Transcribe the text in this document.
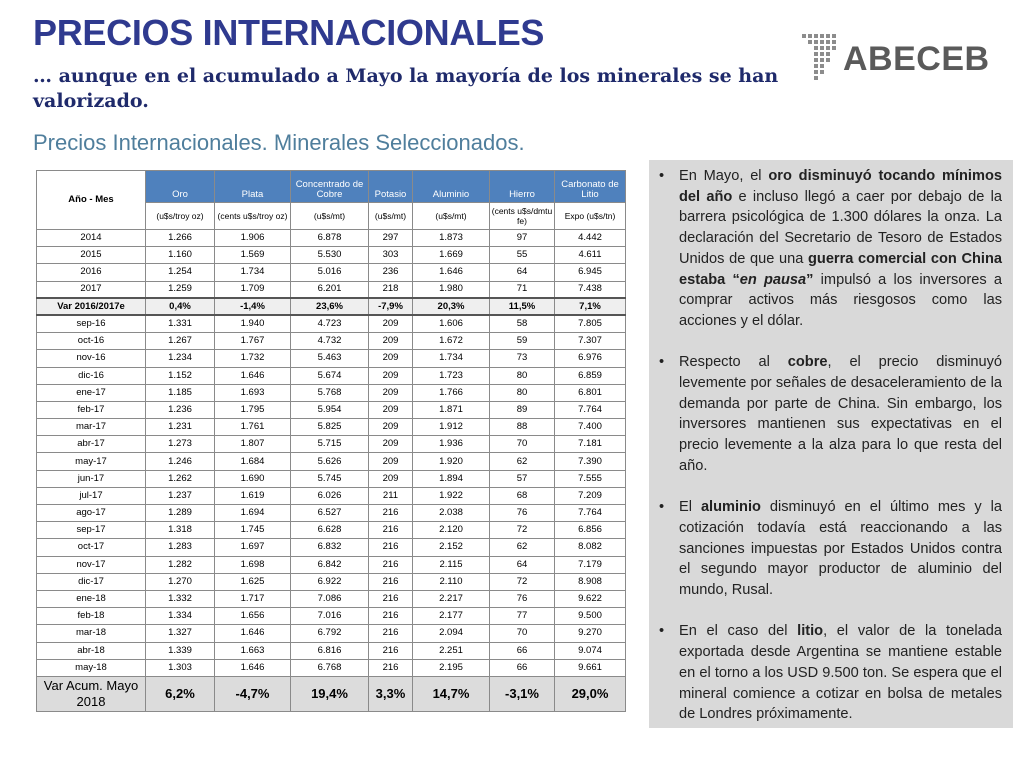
PRECIOS INTERNACIONALES
… aunque en el acumulado a Mayo la mayoría de los minerales se han valorizado.
Precios Internacionales. Minerales Seleccionados.
ABECEB
Año - Mes	Oro	Plata	Concentrado de Cobre	Potasio	Aluminio	Hierro	Carbonato de Litio
	(u$s/troy oz)	(cents u$s/troy oz)	(u$s/mt)	(u$s/mt)	(u$s/mt)	(cents u$s/dmtu fe)	Expo (u$s/tn)
2014	1.266	1.906	6.878	297	1.873	97	4.442
2015	1.160	1.569	5.530	303	1.669	55	4.611
2016	1.254	1.734	5.016	236	1.646	64	6.945
2017	1.259	1.709	6.201	218	1.980	71	7.438
Var 2016/2017e	0,4%	-1,4%	23,6%	-7,9%	20,3%	11,5%	7,1%
sep-16	1.331	1.940	4.723	209	1.606	58	7.805
oct-16	1.267	1.767	4.732	209	1.672	59	7.307
nov-16	1.234	1.732	5.463	209	1.734	73	6.976
dic-16	1.152	1.646	5.674	209	1.723	80	6.859
ene-17	1.185	1.693	5.768	209	1.766	80	6.801
feb-17	1.236	1.795	5.954	209	1.871	89	7.764
mar-17	1.231	1.761	5.825	209	1.912	88	7.400
abr-17	1.273	1.807	5.715	209	1.936	70	7.181
may-17	1.246	1.684	5.626	209	1.920	62	7.390
jun-17	1.262	1.690	5.745	209	1.894	57	7.555
jul-17	1.237	1.619	6.026	211	1.922	68	7.209
ago-17	1.289	1.694	6.527	216	2.038	76	7.764
sep-17	1.318	1.745	6.628	216	2.120	72	6.856
oct-17	1.283	1.697	6.832	216	2.152	62	8.082
nov-17	1.282	1.698	6.842	216	2.115	64	7.179
dic-17	1.270	1.625	6.922	216	2.110	72	8.908
ene-18	1.332	1.717	7.086	216	2.217	76	9.622
feb-18	1.334	1.656	7.016	216	2.177	77	9.500
mar-18	1.327	1.646	6.792	216	2.094	70	9.270
abr-18	1.339	1.663	6.816	216	2.251	66	9.074
may-18	1.303	1.646	6.768	216	2.195	66	9.661
Var Acum. Mayo 2018	6,2%	-4,7%	19,4%	3,3%	14,7%	-3,1%	29,0%
• En Mayo, el oro disminuyó tocando mínimos del año e incluso llegó a caer por debajo de la barrera psicológica de 1.300 dólares la onza. La declaración del Secretario de Tesoro de Estados Unidos de que una guerra comercial con China estaba “en pausa” impulsó a los inversores a comprar activos más riesgosos como las acciones y el dólar.
• Respecto al cobre, el precio disminuyó levemente por señales de desaceleramiento de la demanda por parte de China. Sin embargo, los inversores mantienen sus expectativas en el precio levemente a la alza para lo que resta del año.
• El aluminio disminuyó en el último mes y la cotización todavía está reaccionando a las sanciones impuestas por Estados Unidos contra el segundo mayor productor de aluminio del mundo, Rusal.
• En el caso del litio, el valor de la tonelada exportada desde Argentina se mantiene estable en el torno a los USD 9.500 ton. Se espera que el mineral comience a cotizar en bolsa de metales de Londres próximamente.
